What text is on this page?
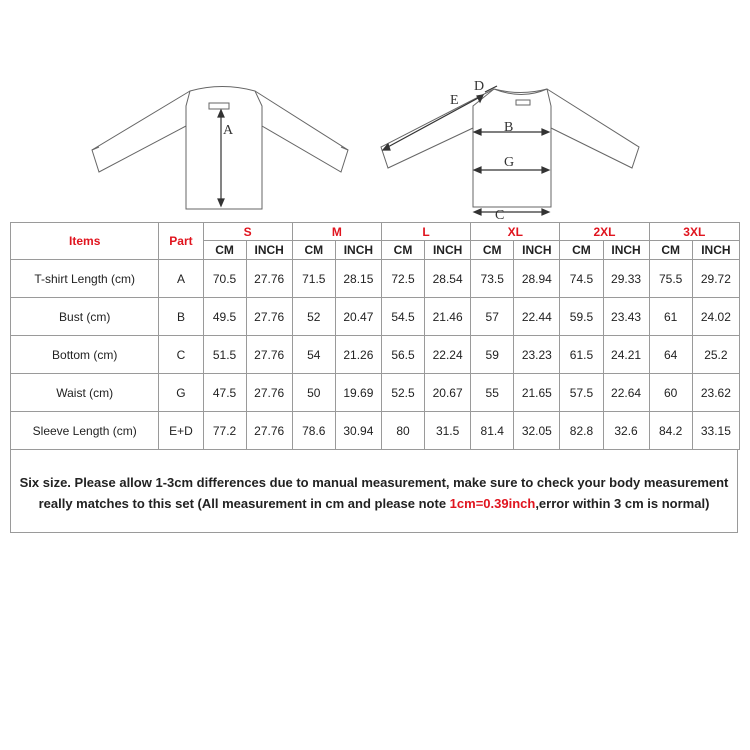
A	B
G
C
D
E
Items	Part	S		M		L		XL		2XL		3XL	
		CM	INCH	CM	INCH	CM	INCH	CM	INCH	CM	INCH	CM	INCH
T-shirt Length (cm)	A	70.5	27.76	71.5	28.15	72.5	28.54	73.5	28.94	74.5	29.33	75.5	29.72
Bust (cm)	B	49.5	27.76	52	20.47	54.5	21.46	57	22.44	59.5	23.43	61	24.02
Bottom (cm)	C	51.5	27.76	54	21.26	56.5	22.24	59	23.23	61.5	24.21	64	25.2
Waist (cm)	G	47.5	27.76	50	19.69	52.5	20.67	55	21.65	57.5	22.64	60	23.62
Sleeve Length (cm)	E+D	77.2	27.76	78.6	30.94	80	31.5	81.4	32.05	82.8	32.6	84.2	33.15
Six size. Please allow 1-3cm differences due to manual measurement, make sure to check your body measurement
really matches to this set (All measurement in cm and please note 1cm=0.39inch,error within 3 cm is normal)
